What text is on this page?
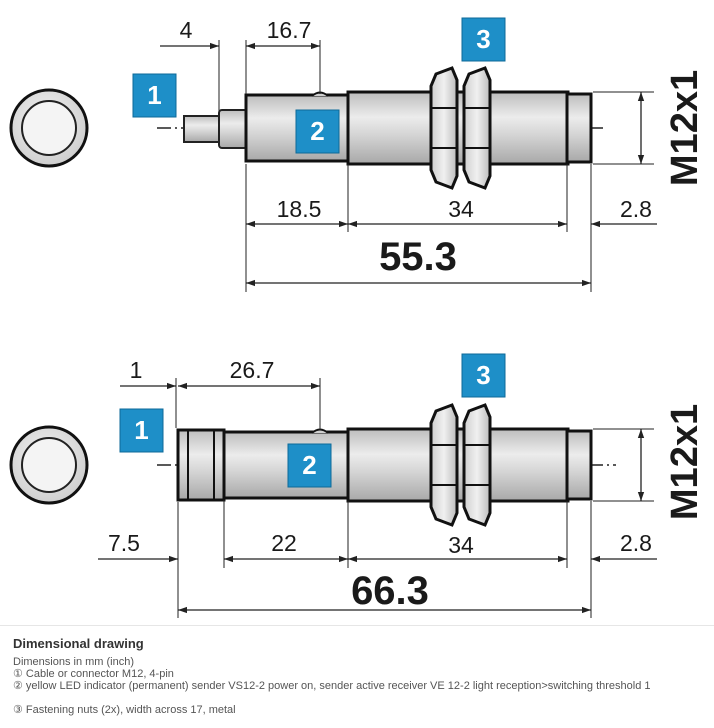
4	16.7
18.5	34	2.8
55.3
M12x1
1
2
3
1	26.7
7.5	22	34	2.8
66.3
M12x1
1
2
3
Dimensional drawing
Dimensions in mm (inch)
① Cable or connector M12, 4-pin
② yellow LED indicator (permanent) sender VS12-2 power on, sender active receiver VE 12-2 light reception>switching threshold 1
③ Fastening nuts (2x), width across 17, metal
